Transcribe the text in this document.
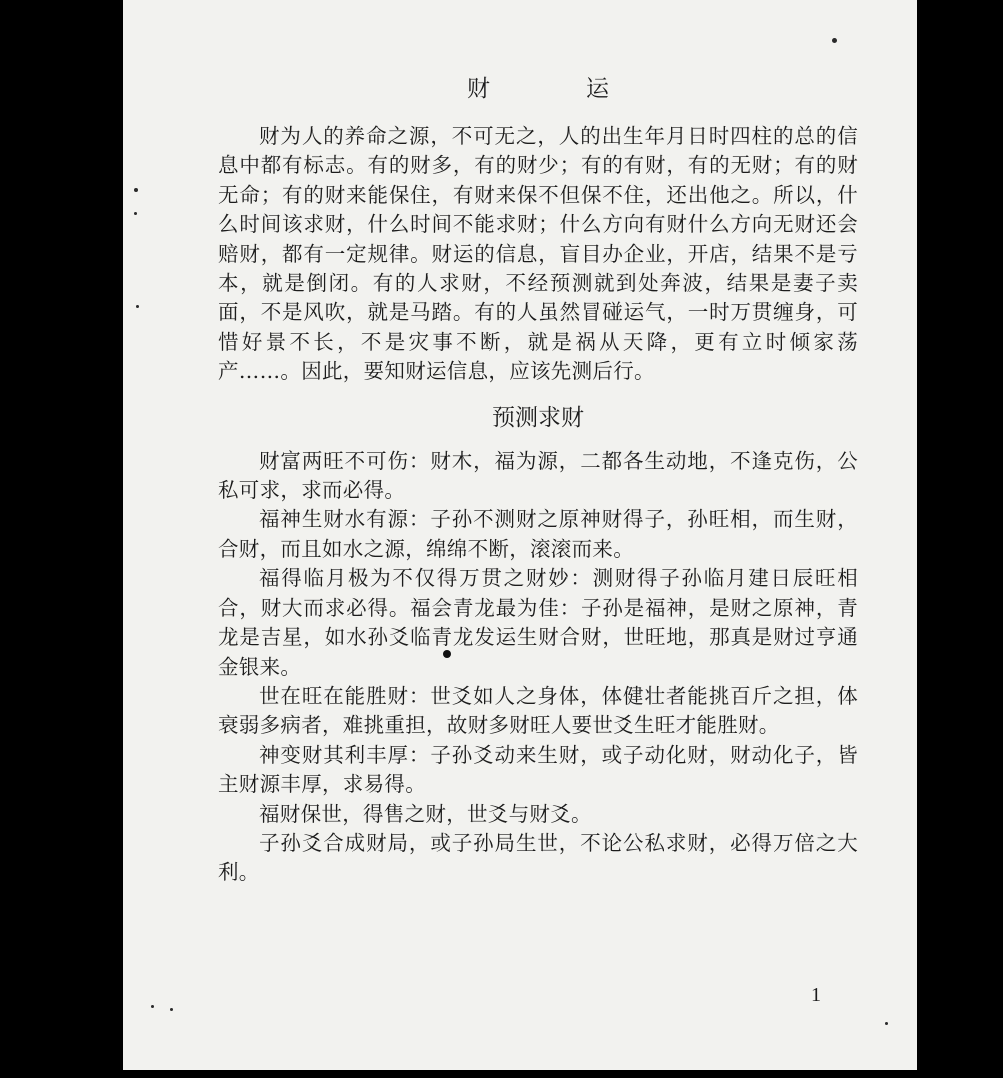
财	运

财为人的养命之源，不可无之，人的出生年月日时四柱的总的信息中都有标志。有的财多，有的财少；有的有财，有的无财；有的财无命；有的财来能保住，有财来保不但保不住，还出他之。所以，什么时间该求财，什么时间不能求财；什么方向有财什么方向无财还会赔财，都有一定规律。财运的信息，盲目办企业，开店，结果不是亏本，就是倒闭。有的人求财，不经预测就到处奔波，结果是妻子卖面，不是风吹，就是马踏。有的人虽然冒碰运气，一时万贯缠身，可惜好景不长，不是灾事不断，就是祸从天降，更有立时倾家荡产……。因此，要知财运信息，应该先测后行。

预测求财

财富两旺不可伤：财木，福为源，二都各生动地，不逢克伤，公私可求，求而必得。

福神生财水有源：子孙不测财之原神财得子，孙旺相，而生财，合财，而且如水之源，绵绵不断，滚滚而来。

福得临月极为不仅得万贯之财妙：测财得子孙临月建日辰旺相合，财大而求必得。福会青龙最为佳：子孙是福神，是财之原神，青龙是吉星，如水孙爻临青龙发运生财合财，世旺地，那真是财过亨通金银来。

世在旺在能胜财：世爻如人之身体，体健壮者能挑百斤之担，体衰弱多病者，难挑重担，故财多财旺人要世爻生旺才能胜财。

神变财其利丰厚：子孙爻动来生财，或子动化财，财动化子，皆主财源丰厚，求易得。

福财保世，得售之财，世爻与财爻。

子孙爻合成财局，或子孙局生世，不论公私求财，必得万倍之大利。

1
